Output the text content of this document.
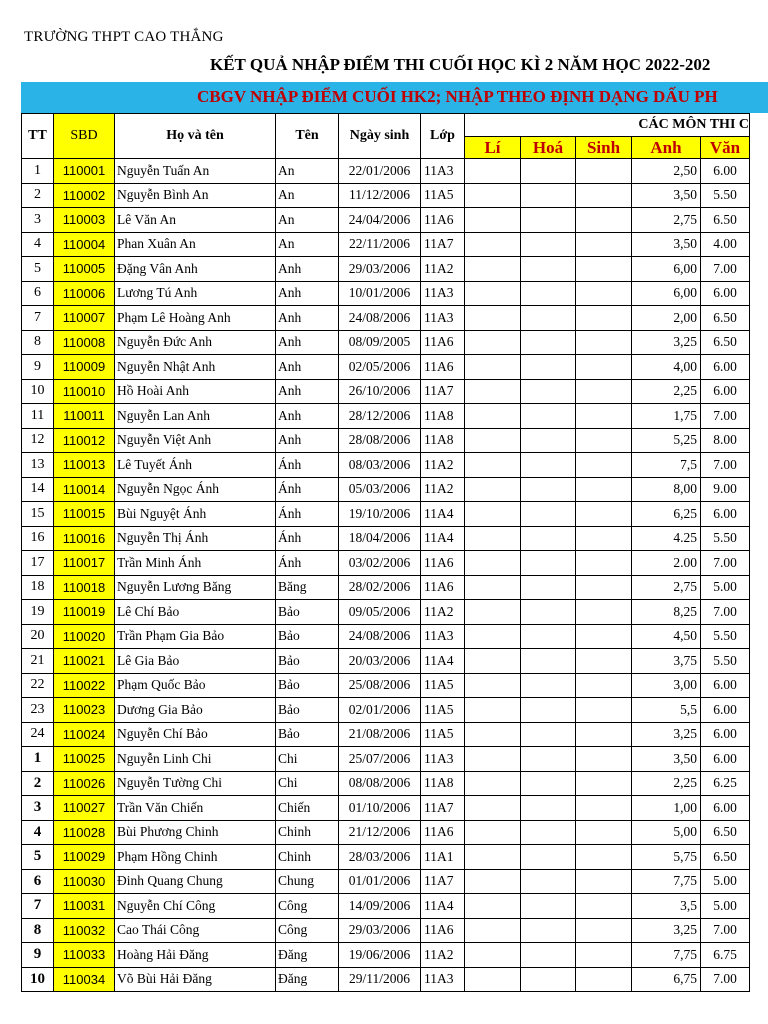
TRƯỜNG THPT CAO THẮNG
KẾT QUẢ NHẬP ĐIỂM THI CUỐI HỌC KÌ 2 NĂM HỌC 2022-202
CBGV NHẬP ĐIỂM CUỐI HK2; NHẬP THEO ĐỊNH DẠNG DẤU PH
TT	SBD	Họ và tên	Tên	Ngày sinh	Lớp	CÁC MÔN THI C				
						Lí	Hoá	Sinh	Anh	Văn
1	110001	Nguyễn Tuấn An	An	22/01/2006	11A3				2,50	6.00
2	110002	Nguyễn Bình An	An	11/12/2006	11A5				3,50	5.50
3	110003	Lê Văn An	An	24/04/2006	11A6				2,75	6.50
4	110004	Phan Xuân An	An	22/11/2006	11A7				3,50	4.00
5	110005	Đặng Vân Anh	Anh	29/03/2006	11A2				6,00	7.00
6	110006	Lương Tú Anh	Anh	10/01/2006	11A3				6,00	6.00
7	110007	Phạm Lê Hoàng Anh	Anh	24/08/2006	11A3				2,00	6.50
8	110008	Nguyễn Đức Anh	Anh	08/09/2005	11A6				3,25	6.50
9	110009	Nguyễn Nhật Anh	Anh	02/05/2006	11A6				4,00	6.00
10	110010	Hồ Hoài Anh	Anh	26/10/2006	11A7				2,25	6.00
11	110011	Nguyễn Lan Anh	Anh	28/12/2006	11A8				1,75	7.00
12	110012	Nguyễn Việt Anh	Anh	28/08/2006	11A8				5,25	8.00
13	110013	Lê Tuyết Ánh	Ánh	08/03/2006	11A2				7,5	7.00
14	110014	Nguyễn Ngọc Ánh	Ánh	05/03/2006	11A2				8,00	9.00
15	110015	Bùi Nguyệt Ánh	Ánh	19/10/2006	11A4				6,25	6.00
16	110016	Nguyễn Thị Ánh	Ánh	18/04/2006	11A4				4.25	5.50
17	110017	Trần Minh Ánh	Ánh	03/02/2006	11A6				2.00	7.00
18	110018	Nguyễn Lương Băng	Băng	28/02/2006	11A6				2,75	5.00
19	110019	Lê Chí Bảo	Bảo	09/05/2006	11A2				8,25	7.00
20	110020	Trần Phạm Gia Bảo	Bảo	24/08/2006	11A3				4,50	5.50
21	110021	Lê Gia Bảo	Bảo	20/03/2006	11A4				3,75	5.50
22	110022	Phạm Quốc Bảo	Bảo	25/08/2006	11A5				3,00	6.00
23	110023	Dương Gia Bảo	Bảo	02/01/2006	11A5				5,5	6.00
24	110024	Nguyễn Chí Bảo	Bảo	21/08/2006	11A5				3,25	6.00
1	110025	Nguyễn Linh Chi	Chi	25/07/2006	11A3				3,50	6.00
2	110026	Nguyễn Tường Chi	Chi	08/08/2006	11A8				2,25	6.25
3	110027	Trần Văn Chiến	Chiến	01/10/2006	11A7				1,00	6.00
4	110028	Bùi Phương Chinh	Chinh	21/12/2006	11A6				5,00	6.50
5	110029	Phạm Hồng Chinh	Chinh	28/03/2006	11A1				5,75	6.50
6	110030	Đinh Quang Chung	Chung	01/01/2006	11A7				7,75	5.00
7	110031	Nguyễn Chí Công	Công	14/09/2006	11A4				3,5	5.00
8	110032	Cao Thái Công	Công	29/03/2006	11A6				3,25	7.00
9	110033	Hoàng Hải Đăng	Đăng	19/06/2006	11A2				7,75	6.75
10	110034	Võ Bùi Hải Đăng	Đăng	29/11/2006	11A3				6,75	7.00
